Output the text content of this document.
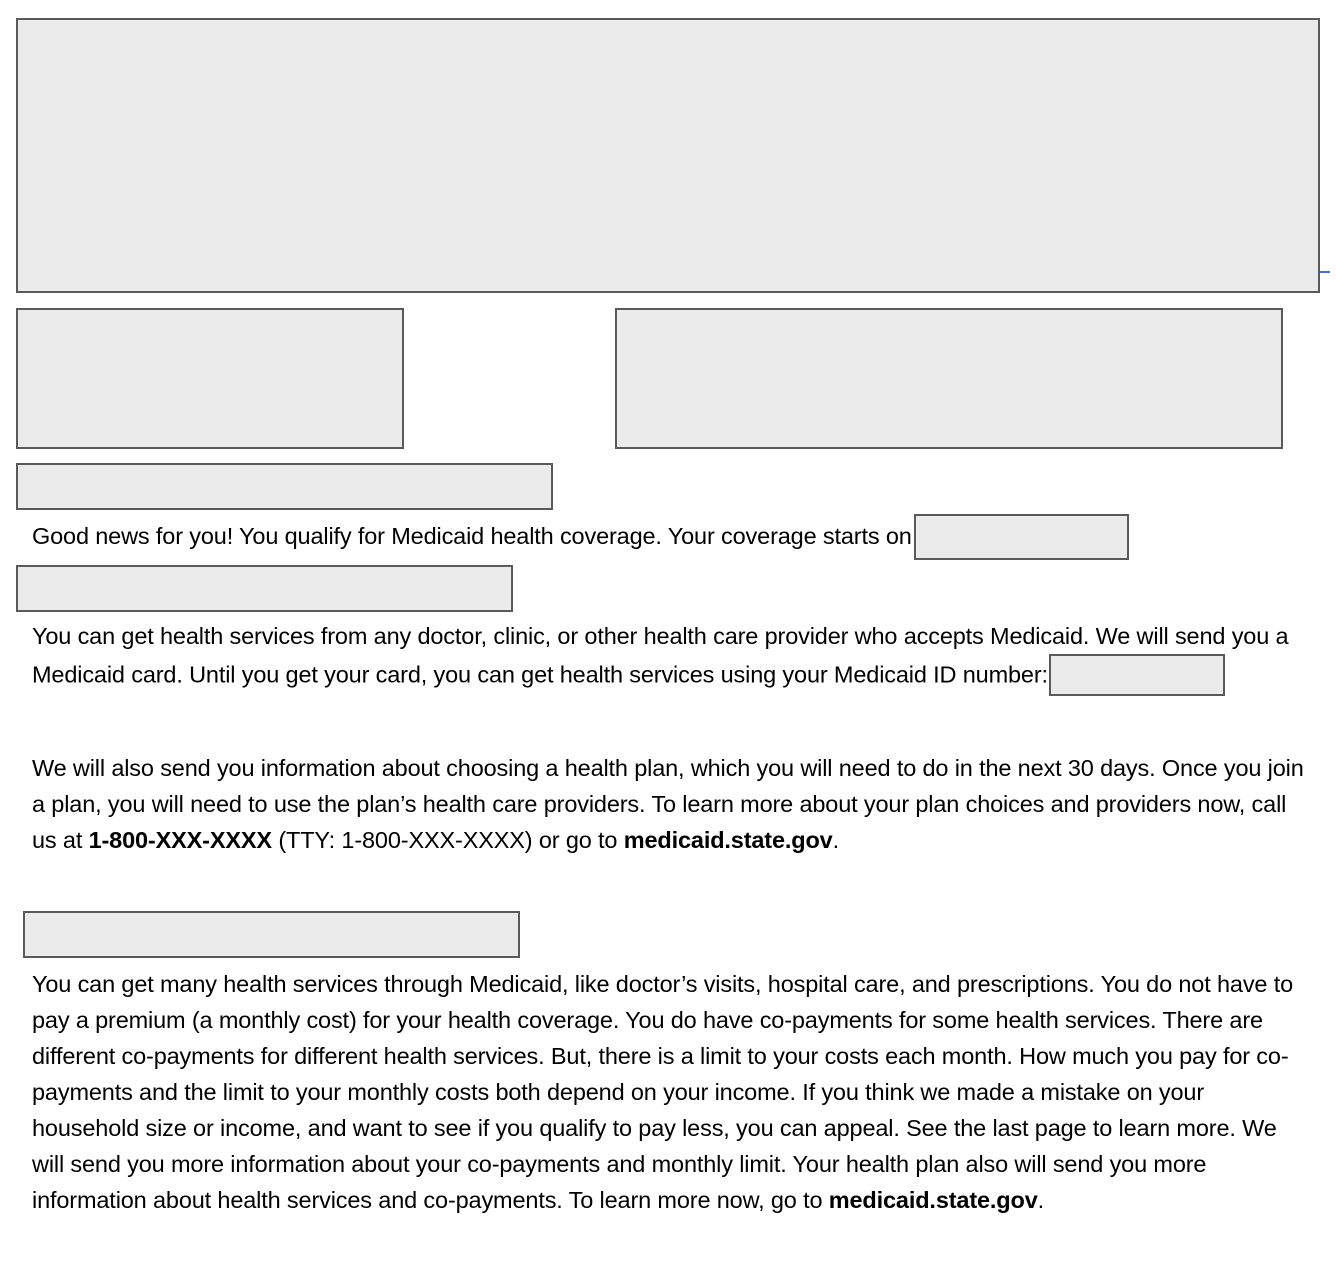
Good news for you! You qualify for Medicaid health coverage. Your coverage starts on

You can get health services from any doctor, clinic, or other health care provider who accepts Medicaid. We will send you a Medicaid card. Until you get your card, you can get health services using your Medicaid ID number:

We will also send you information about choosing a health plan, which you will need to do in the next 30 days. Once you join a plan, you will need to use the plan’s health care providers. To learn more about your plan choices and providers now, call us at 1-800-XXX-XXXX (TTY: 1-800-XXX-XXXX) or go to medicaid.state.gov.

You can get many health services through Medicaid, like doctor’s visits, hospital care, and prescriptions. You do not have to pay a premium (a monthly cost) for your health coverage. You do have co-payments for some health services. There are different co-payments for different health services. But, there is a limit to your costs each month. How much you pay for co-payments and the limit to your monthly costs both depend on your income. If you think we made a mistake on your household size or income, and want to see if you qualify to pay less, you can appeal. See the last page to learn more. We will send you more information about your co-payments and monthly limit. Your health plan also will send you more information about health services and co-payments. To learn more now, go to medicaid.state.gov.
